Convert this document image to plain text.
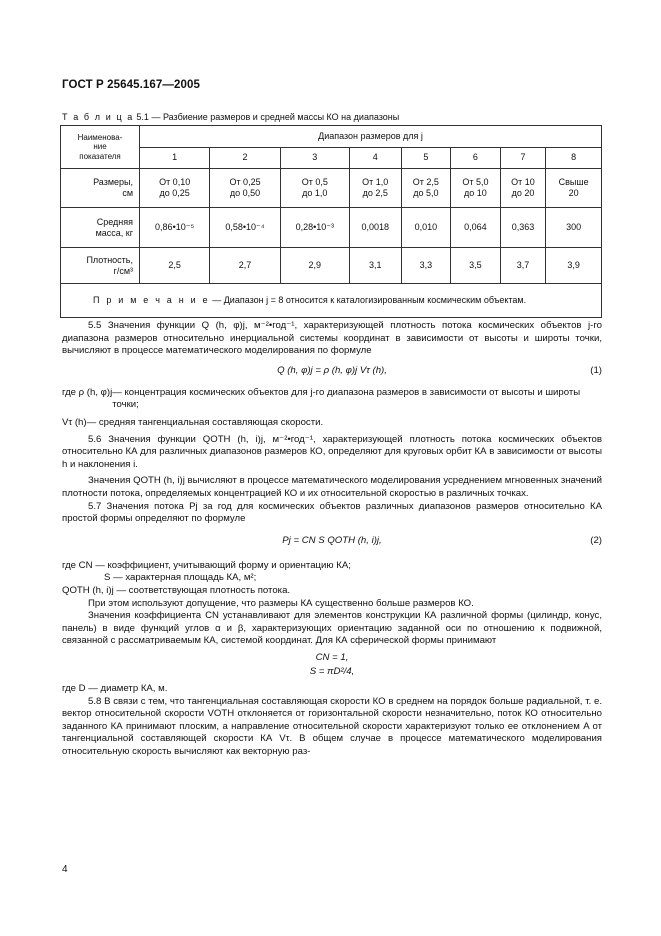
ГОСТ Р 25645.167—2005
Т а б л и ц а 5.1 — Разбиение размеров и средней массы КО на диапазоны
Наименова-
ние
показателя	Диапазон размеров для j							
	1	2	3	4	5	6	7	8
Размеры,
см	От 0,10
до 0,25	От 0,25
до 0,50	От 0,5
до 1,0	От 1,0
до 2,5	От 2,5
до 5,0	От 5,0
до 10	От 10
до 20	Свыше
20
Средняя
масса, кг	0,86•10⁻⁵	0,58•10⁻⁴	0,28•10⁻³	0,0018	0,010	0,064	0,363	300
Плотность,
г/см³	2,5	2,7	2,9	3,1	3,3	3,5	3,7	3,9
П р и м е ч а н и е — Диапазон j = 8 относится к каталогизированным космическим объектам.								

5.5 Значения функции Q (h, φ)j, м⁻²•год⁻¹, характеризующей плотность потока космических объектов j-го диапазона размеров относительно инерциальной системы координат в зависимости от высоты и широты точки, вычисляют в процессе математического моделирования по формуле

Q (h, φ)j = ρ (h, φ)j Vτ (h),	(1)
где ρ (h, φ)j — концентрация космических объектов для j-го диапазона размеров в зависимости от высоты и широты точки;
Vτ (h) — средняя тангенциальная составляющая скорости.

5.6 Значения функции QОТН (h, i)j, м⁻²•год⁻¹, характеризующей плотность потока космических объектов относительно КА для различных диапазонов размеров КО, определяют для круговых орбит КА в зависимости от высоты h и наклонения i.

Значения QОТН (h, i)j вычисляют в процессе математического моделирования усреднением мгновенных значений плотности потока, определяемых концентрацией КО и их относительной скоростью в различных точках.

5.7 Значения потока Pj за год для космических объектов различных диапазонов размеров относительно КА простой формы определяют по формуле

Pj = CN S QОТН (h, i)j,	(2)
где CN — коэффициент, учитывающий форму и ориентацию КА;
S — характерная площадь КА, м²;
QОТН (h, i)j — соответствующая плотность потока.

При этом используют допущение, что размеры КА существенно больше размеров КО.

Значения коэффициента CN устанавливают для элементов конструкции КА различной формы (цилиндр, конус, панель) в виде функций углов α и β, характеризующих ориентацию заданной оси по отношению к подвижной, связанной с рассматриваемым КА, системой координат. Для КА сферической формы принимают

CN = 1,
S = πD²/4,
где D — диаметр КА, м.

5.8 В связи с тем, что тангенциальная составляющая скорости КО в среднем на порядок больше радиальной, т. е. вектор относительной скорости VОТН отклоняется от горизонтальной скорости незначительно, поток КО относительно заданного КА принимают плоским, а направление относительной скорости характеризуют только ее отклонением A от тангенциальной составляющей скорости КА Vτ. В общем случае в процессе математического моделирования относительную скорость вычисляют как векторную раз-

4
